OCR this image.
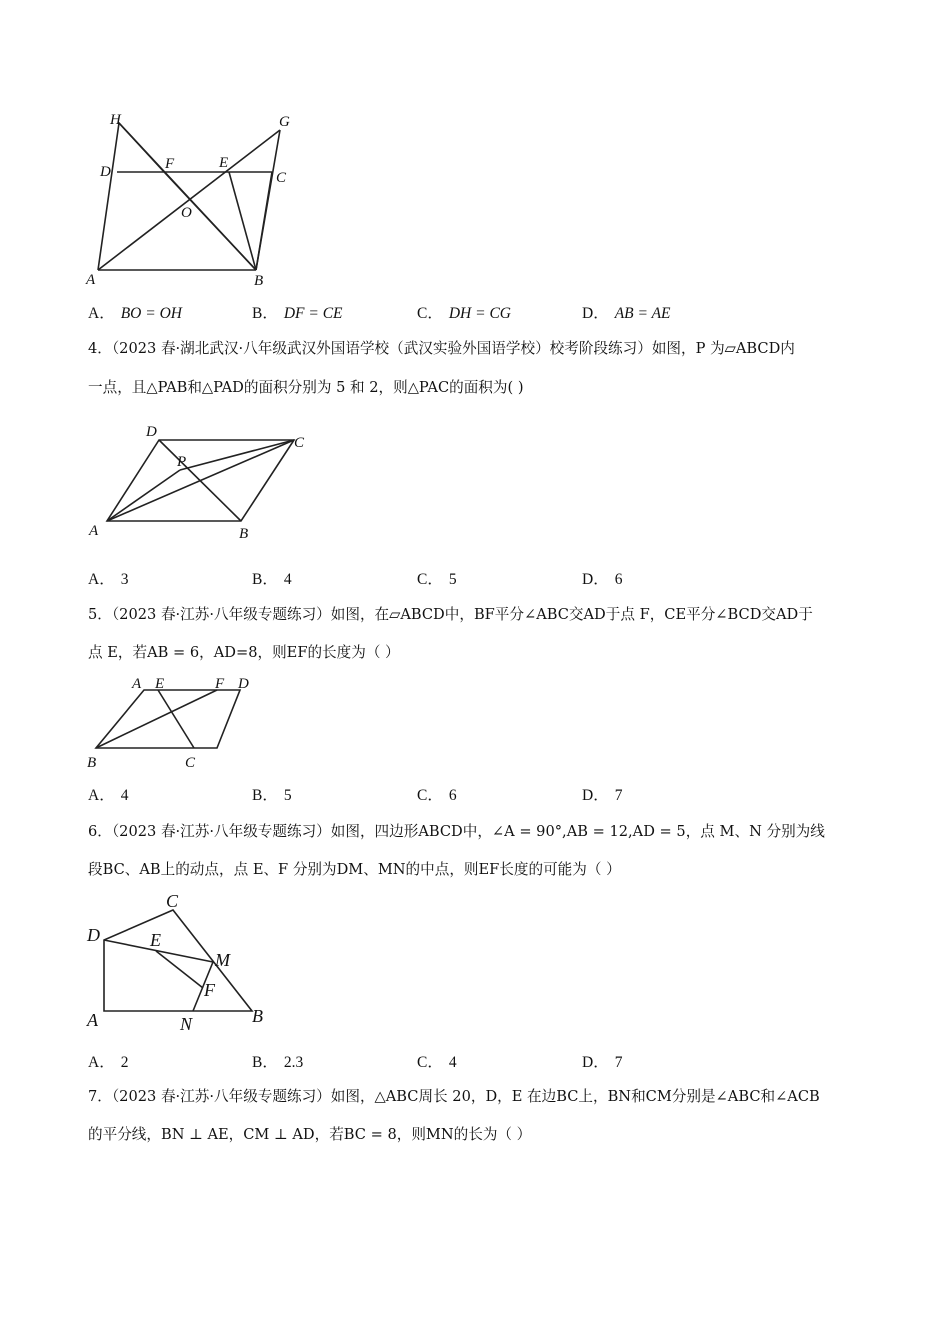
H	G
D	F	E
C
O
A	B
A． BO = OH	B． DF = CE	C． DH = CG	D． AB = AE
4．（2023 春·湖北武汉·八年级武汉外国语学校（武汉实验外国语学校）校考阶段练习）如图，P 为▱ABCD内
一点，且△PAB和△PAD的面积分别为 5 和 2，则△PAC的面积为( )
D
C
P
A	B
A． 3	B． 4	C． 5	D． 6
5．（2023 春·江苏·八年级专题练习）如图，在▱ABCD中，BF平分∠ABC交AD于点 F，CE平分∠BCD交AD于
点 E，若AB = 6，AD=8，则EF的长度为（ ）
A E	F D
B	C
A． 4	B． 5	C． 6	D． 7
6．（2023 春·江苏·八年级专题练习）如图，四边形ABCD中，∠A = 90°,AB = 12,AD = 5，点 M、N 分别为线
段BC、AB上的动点，点 E、F 分别为DM、MN的中点，则EF长度的可能为（ ）
C
D	E
M
F
A	N	B
A． 2	B． 2.3	C． 4	D． 7
7．（2023 春·江苏·八年级专题练习）如图，△ABC周长 20，D，E 在边BC上，BN和CM分别是∠ABC和∠ACB
的平分线，BN ⊥ AE，CM ⊥ AD，若BC = 8，则MN的长为（ ）
